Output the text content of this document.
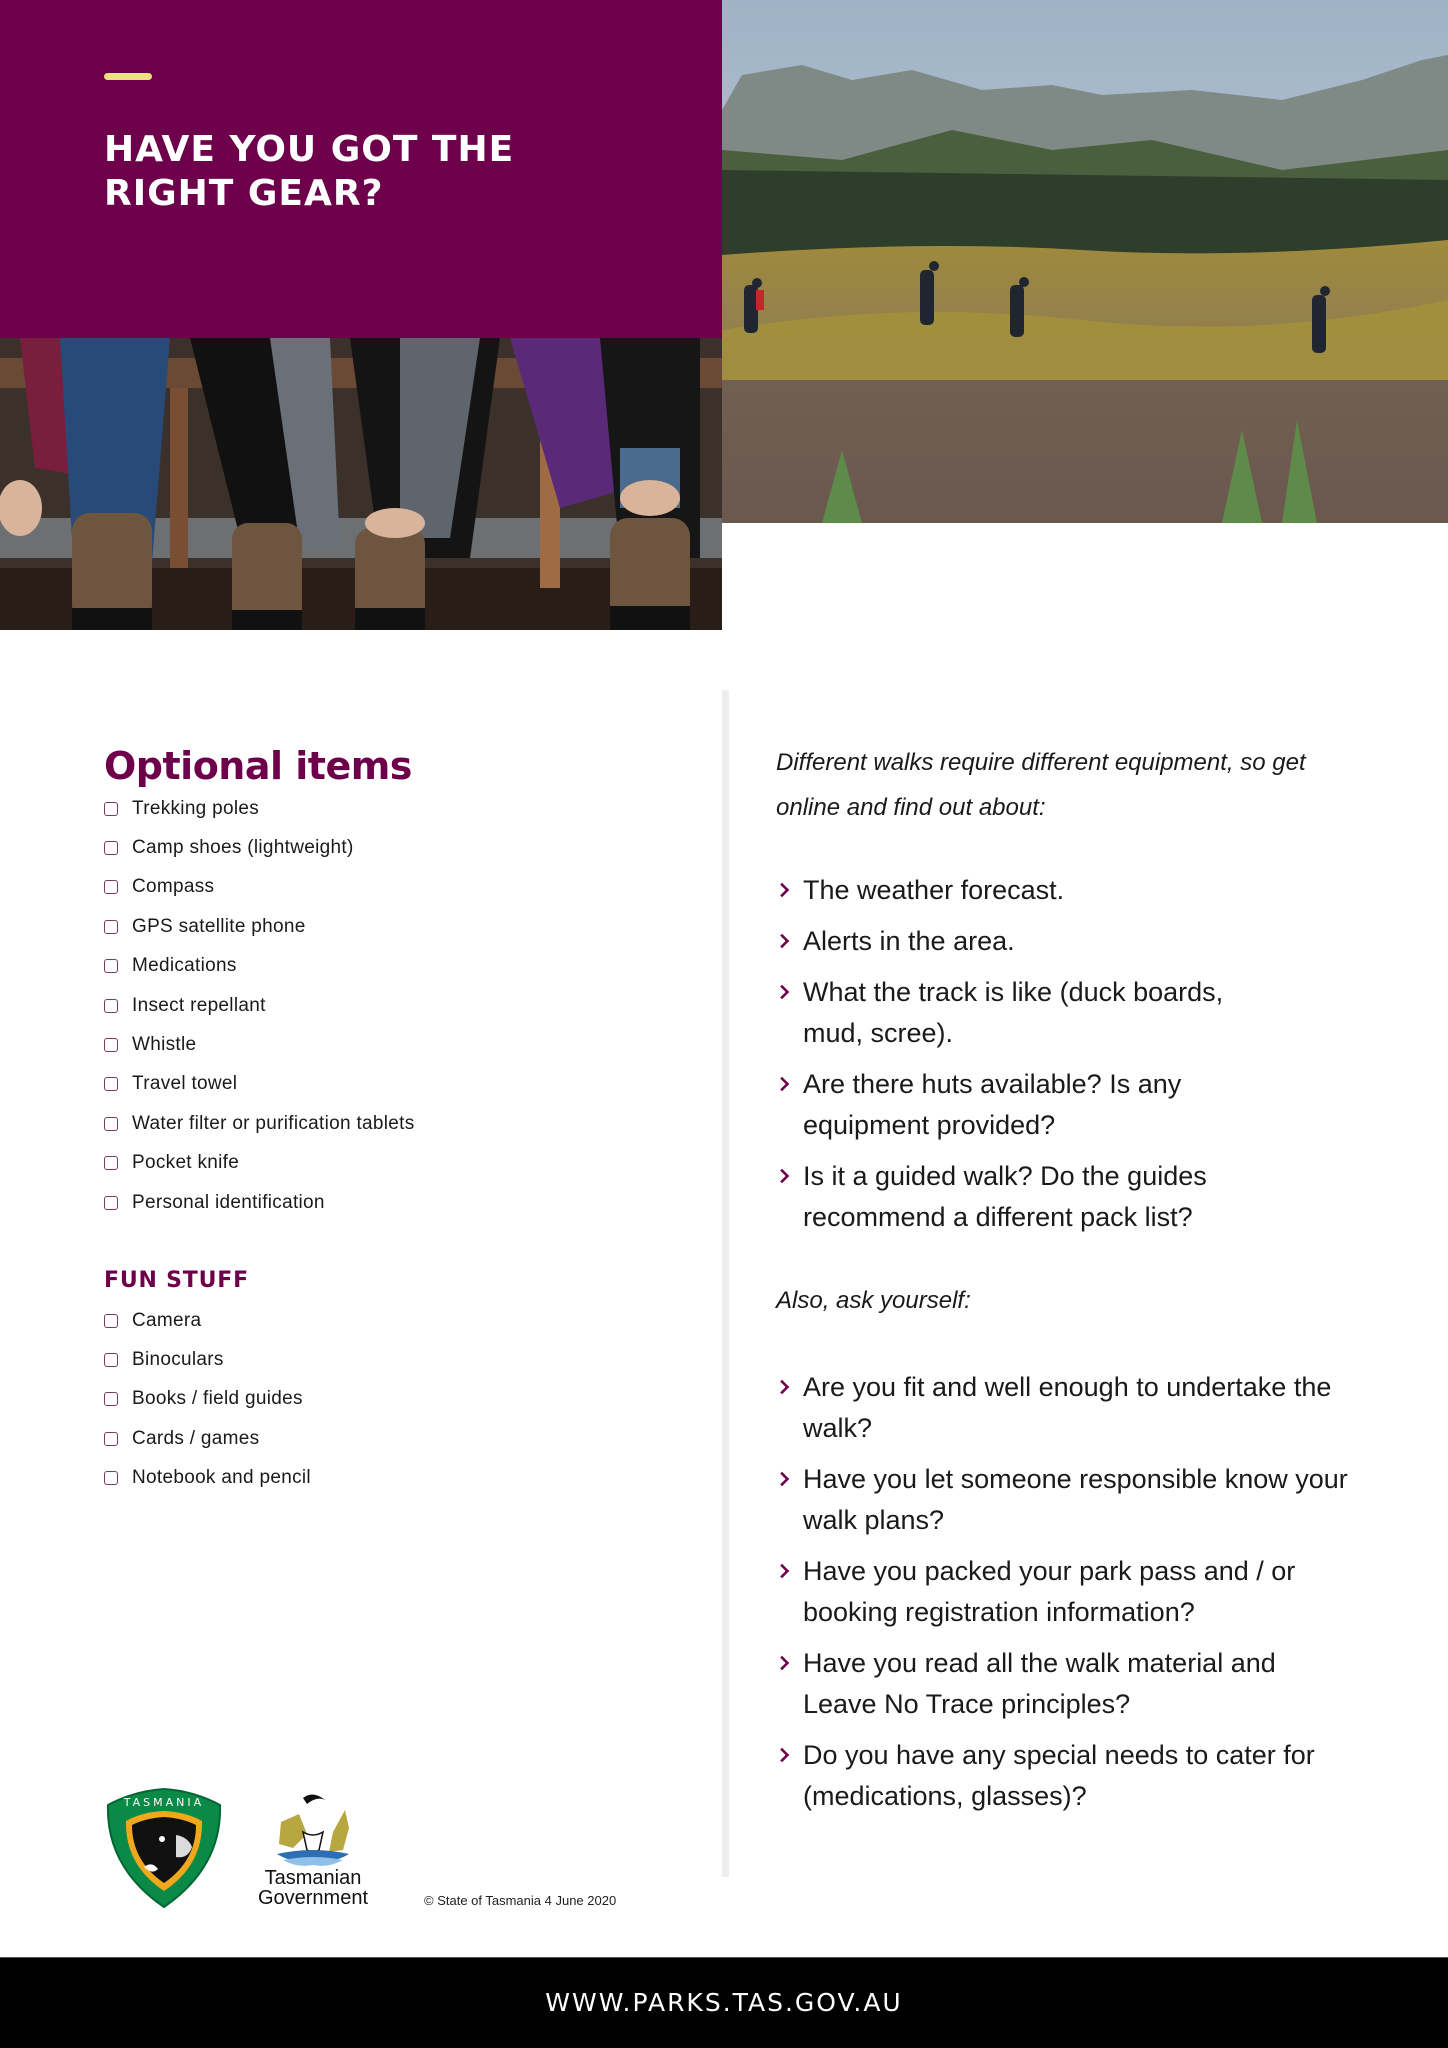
HAVE YOU GOT THE
RIGHT GEAR?
Optional items
Trekking poles
Camp shoes (lightweight)
Compass
GPS satellite phone
Medications
Insect repellant
Whistle
Travel towel
Water filter or purification tablets
Pocket knife
Personal identification
FUN STUFF
Camera
Binoculars
Books / field guides
Cards / games
Notebook and pencil

Different walks require different equipment, so get online and find out about:

The weather forecast.
Alerts in the area.
What the track is like (duck boards, mud, scree).
Are there huts available? Is any equipment provided?
Is it a guided walk? Do the guides recommend a different pack list?

Also, ask yourself:

Are you fit and well enough to undertake the walk?
Have you let someone responsible know your walk plans?
Have you packed your park pass and / or booking registration information?
Have you read all the walk material and Leave No Trace principles?
Do you have any special needs to cater for (medications, glasses)?
TASMANIA
Tasmanian
Government	© State of Tasmania 4 June 2020
WWW.PARKS.TAS.GOV.AU
